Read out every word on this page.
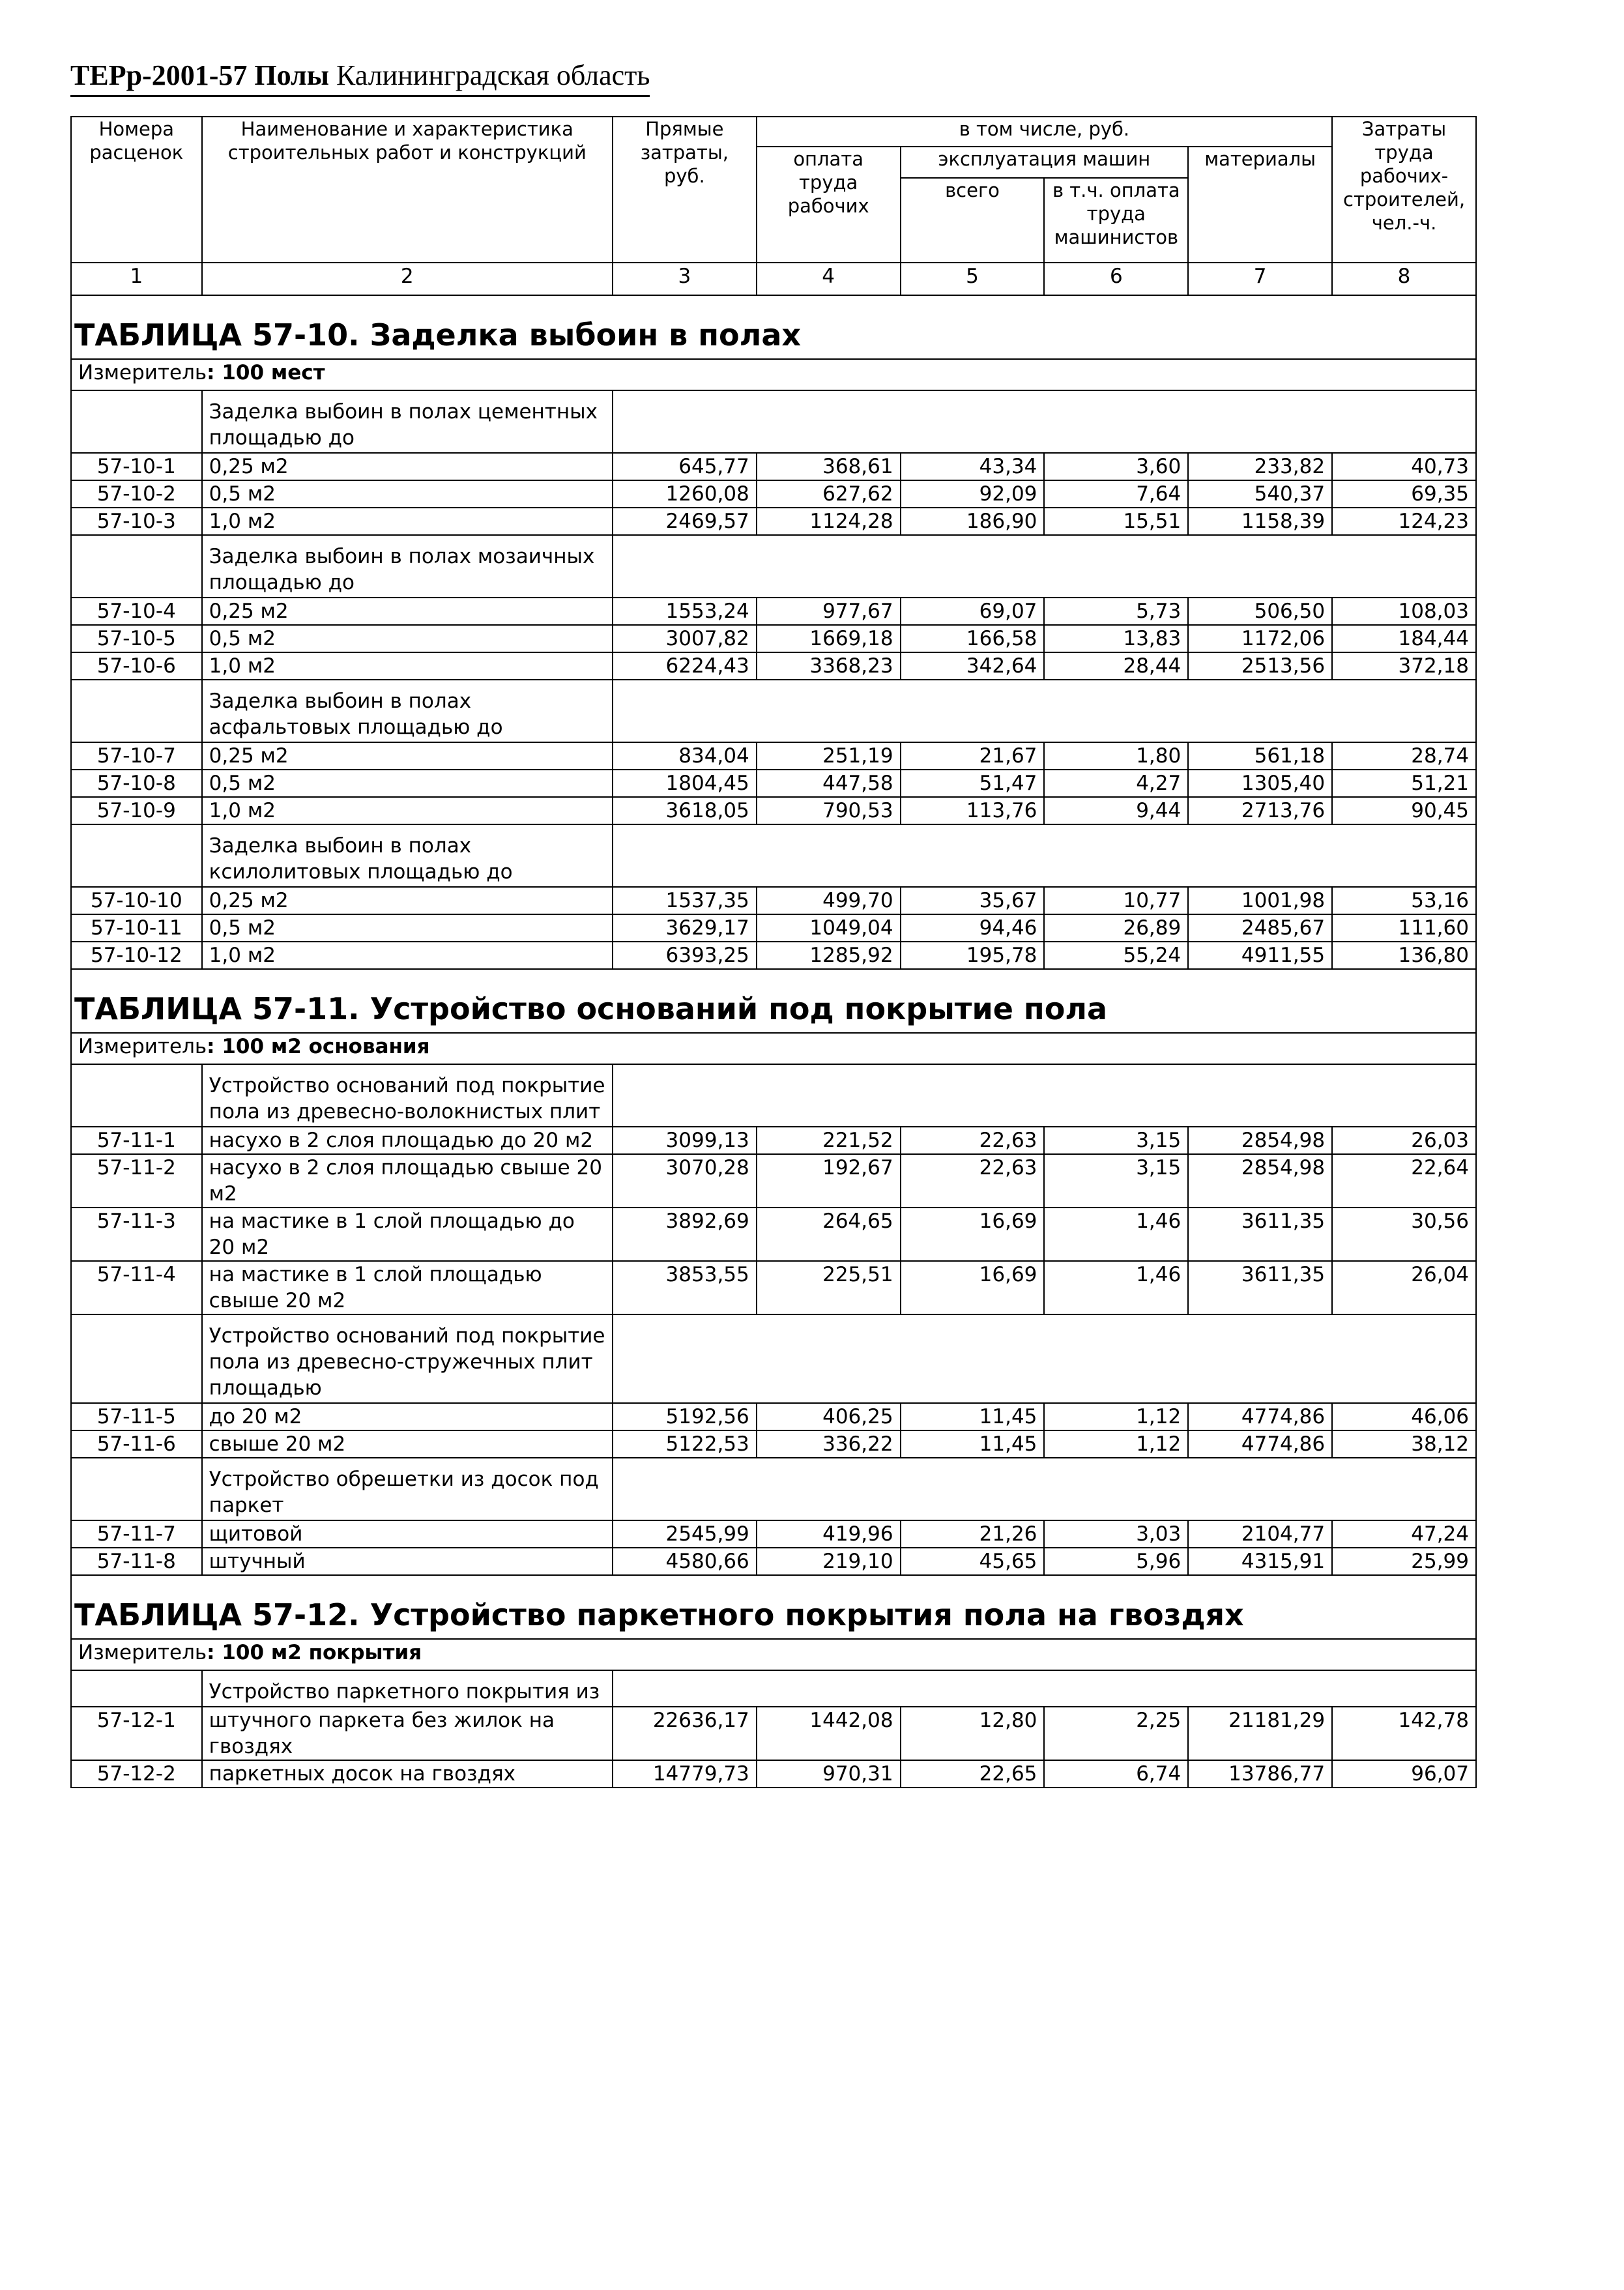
ТЕРр-2001-57 Полы Калининградская область
Номера расценок	Наименование и характеристика строительных работ и конструкций	Прямые затраты, руб.	в том числе, руб.				Затраты труда рабочих-строителей, чел.-ч.
			оплата труда рабочих	эксплуатация машин		материалы	
				всего	в т.ч. оплата труда машинистов		
1	2	3	4	5	6	7	8
ТАБЛИЦА 57-10. Заделка выбоин в полах							
Измеритель: 100 мест							
	Заделка выбоин в полах цементных площадью до						
57-10-1	0,25 м2	645,77	368,61	43,34	3,60	233,82	40,73
57-10-2	0,5 м2	1260,08	627,62	92,09	7,64	540,37	69,35
57-10-3	1,0 м2	2469,57	1124,28	186,90	15,51	1158,39	124,23
	Заделка выбоин в полах мозаичных площадью до						
57-10-4	0,25 м2	1553,24	977,67	69,07	5,73	506,50	108,03
57-10-5	0,5 м2	3007,82	1669,18	166,58	13,83	1172,06	184,44
57-10-6	1,0 м2	6224,43	3368,23	342,64	28,44	2513,56	372,18
	Заделка выбоин в полах асфальтовых площадью до						
57-10-7	0,25 м2	834,04	251,19	21,67	1,80	561,18	28,74
57-10-8	0,5 м2	1804,45	447,58	51,47	4,27	1305,40	51,21
57-10-9	1,0 м2	3618,05	790,53	113,76	9,44	2713,76	90,45
	Заделка выбоин в полах ксилолитовых площадью до						
57-10-10	0,25 м2	1537,35	499,70	35,67	10,77	1001,98	53,16
57-10-11	0,5 м2	3629,17	1049,04	94,46	26,89	2485,67	111,60
57-10-12	1,0 м2	6393,25	1285,92	195,78	55,24	4911,55	136,80
ТАБЛИЦА 57-11. Устройство оснований под покрытие пола							
Измеритель: 100 м2 основания							
	Устройство оснований под покрытие пола из древесно-волокнистых плит						
57-11-1	насухо в 2 слоя площадью до 20 м2	3099,13	221,52	22,63	3,15	2854,98	26,03
57-11-2	насухо в 2 слоя площадью свыше 20 м2	3070,28	192,67	22,63	3,15	2854,98	22,64
57-11-3	на мастике в 1 слой площадью до 20 м2	3892,69	264,65	16,69	1,46	3611,35	30,56
57-11-4	на мастике в 1 слой площадью свыше 20 м2	3853,55	225,51	16,69	1,46	3611,35	26,04
	Устройство оснований под покрытие пола из древесно-стружечных плит площадью						
57-11-5	до 20 м2	5192,56	406,25	11,45	1,12	4774,86	46,06
57-11-6	свыше 20 м2	5122,53	336,22	11,45	1,12	4774,86	38,12
	Устройство обрешетки из досок под паркет						
57-11-7	щитовой	2545,99	419,96	21,26	3,03	2104,77	47,24
57-11-8	штучный	4580,66	219,10	45,65	5,96	4315,91	25,99
ТАБЛИЦА 57-12. Устройство паркетного покрытия пола на гвоздях							
Измеритель: 100 м2 покрытия							
	Устройство паркетного покрытия из						
57-12-1	штучного паркета без жилок на гвоздях	22636,17	1442,08	12,80	2,25	21181,29	142,78
57-12-2	паркетных досок на гвоздях	14779,73	970,31	22,65	6,74	13786,77	96,07
